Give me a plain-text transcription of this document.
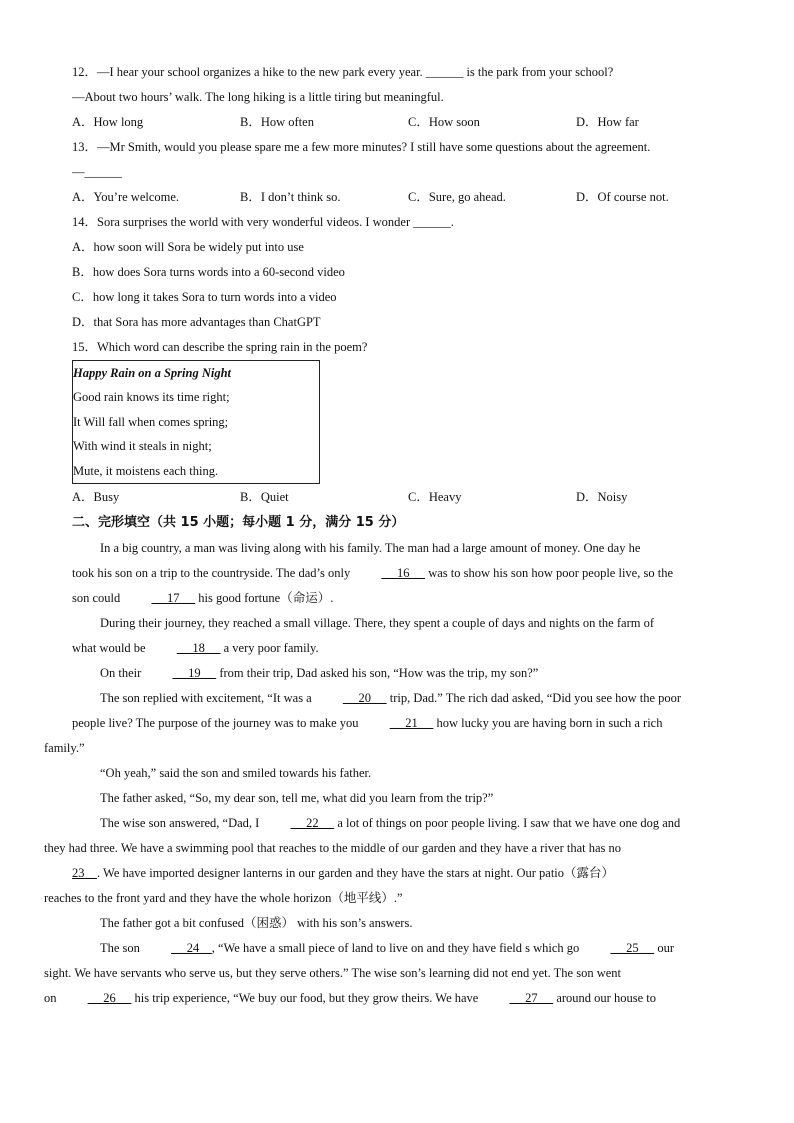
12．—I hear your school organizes a hike to the new park every year. ______ is the park from your school?
—About two hours’ walk. The long hiking is a little tiring but meaningful.
A．How long	B．How often	C．How soon	D．How far
13．—Mr Smith, would you please spare me a few more minutes? I still have some questions about the agreement.
—______
A．You’re welcome.	B．I don’t think so.	C．Sure, go ahead.	D．Of course not.
14．Sora surprises the world with very wonderful videos. I wonder ______.
A．how soon will Sora be widely put into use
B．how does Sora turns words into a 60-second video
C．how long it takes Sora to turn words into a video
D．that Sora has more advantages than ChatGPT
15．Which word can describe the spring rain in the poem?
Happy Rain on a Spring Night
Good rain knows its time right;
It Will fall when comes spring;
With wind it steals in night;
Mute, it moistens each thing.
A．Busy	B．Quiet	C．Heavy	D．Noisy
二、完形填空（共 15 小题；每小题 1 分，满分 15 分）
In a big country, a man was living along with his family. The man had a large amount of money. One day he
took his son on a trip to the countryside. The dad’s only  __16__  was to show his son how poor people live, so the
son could  __17__  his good fortune（命运）.
During their journey, they reached a small village. There, they spent a couple of days and nights on the farm of
what would be  __18__  a very poor family.
On their  __19__  from their trip, Dad asked his son, “How was the trip, my son?”
The son replied with excitement, “It was a  __20__  trip, Dad.” The rich dad asked, “Did you see how the poor
people live? The purpose of the journey was to make you  __21__  how lucky you are having born in such a rich
family.”
“Oh yeah,” said the son and smiled towards his father.
The father asked, “So, my dear son, tell me, what did you learn from the trip?”
The wise son answered, “Dad, I  __22__  a lot of things on poor people living. I saw that we have one dog and
they had three. We have a swimming pool that reaches to the middle of our garden and they have a river that has no
23__. We have imported designer lanterns in our garden and they have the stars at night. Our patio（露台）
reaches to the front yard and they have the whole horizon（地平线）.”
The father got a bit confused（困惑） with his son’s answers.
The son  __24__, “We have a small piece of land to live on and they have field s which go  __25__  our
sight. We have servants who serve us, but they serve others.” The wise son’s learning did not end yet. The son went
on  __26__  his trip experience, “We buy our food, but they grow theirs. We have  __27__  around our house to
